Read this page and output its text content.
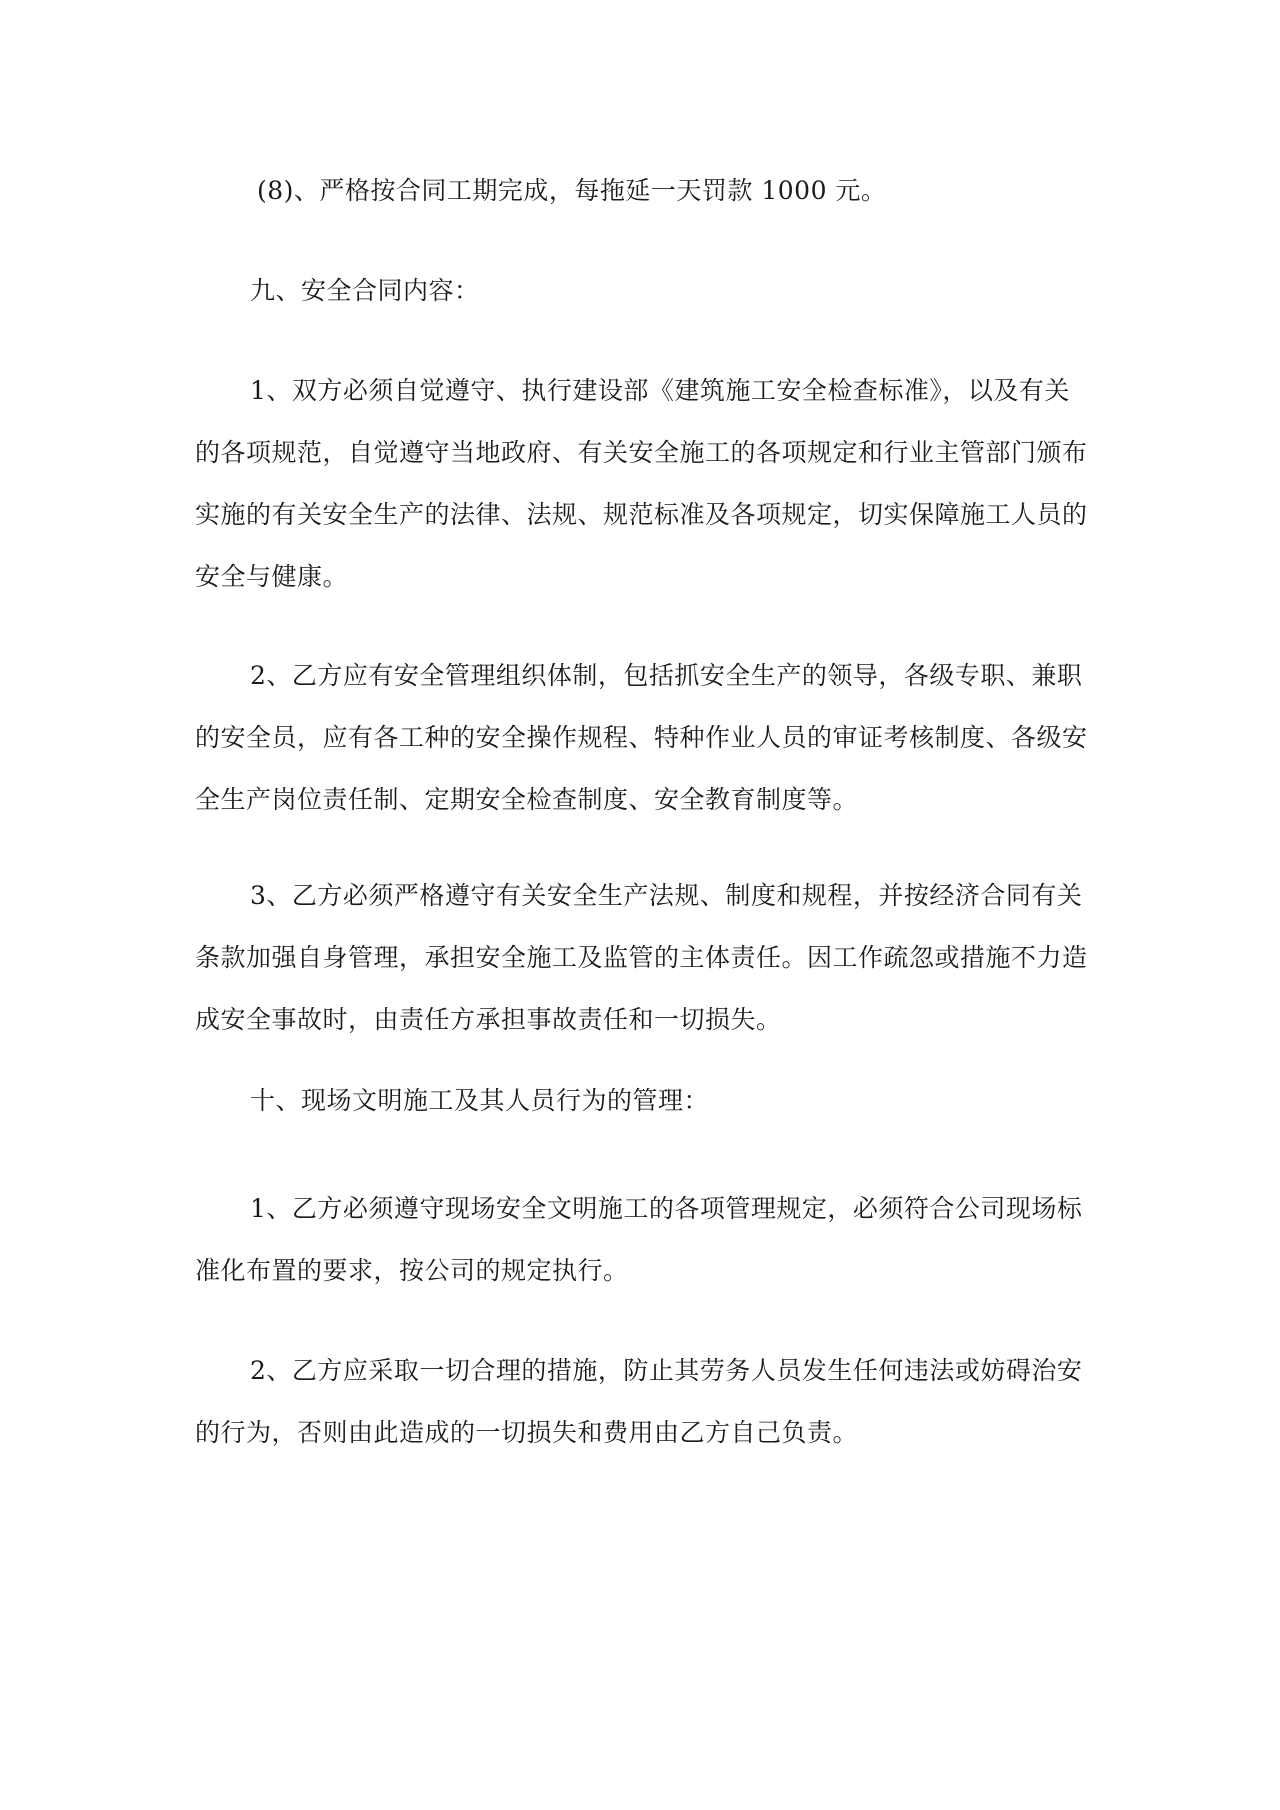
(8)、严格按合同工期完成，每拖延一天罚款 1000 元。

九、安全合同内容：

1、双方必须自觉遵守、执行建设部《建筑施工安全检查标准》，以及有关
的各项规范，自觉遵守当地政府、有关安全施工的各项规定和行业主管部门颁布
实施的有关安全生产的法律、法规、规范标准及各项规定，切实保障施工人员的
安全与健康。

2、乙方应有安全管理组织体制，包括抓安全生产的领导，各级专职、兼职
的安全员，应有各工种的安全操作规程、特种作业人员的审证考核制度、各级安
全生产岗位责任制、定期安全检查制度、安全教育制度等。

3、乙方必须严格遵守有关安全生产法规、制度和规程，并按经济合同有关
条款加强自身管理，承担安全施工及监管的主体责任。因工作疏忽或措施不力造
成安全事故时，由责任方承担事故责任和一切损失。

十、现场文明施工及其人员行为的管理：

1、乙方必须遵守现场安全文明施工的各项管理规定，必须符合公司现场标
准化布置的要求，按公司的规定执行。

2、乙方应采取一切合理的措施，防止其劳务人员发生任何违法或妨碍治安
的行为，否则由此造成的一切损失和费用由乙方自己负责。
